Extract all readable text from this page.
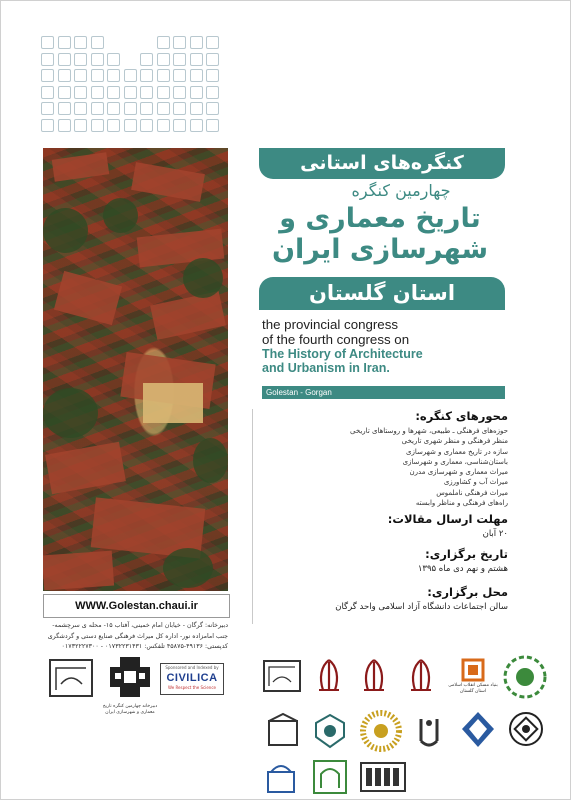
کنگره‌های استانی
چهارمین کنگره
تاریخ معماری و
شهرسازی ایران
استان گلستان
the provincial congress
of the fourth congress on
The History of Architecture
and Urbanism in Iran.
Golestan - Gorgan
محورهای کنگره:
حوزه‌های فرهنگی ـ طبیعی، شهرها و روستاهای تاریخی
منظر فرهنگی و منظر شهری تاریخی
سازه در تاریخ معماری و شهرسازی
باستان‌شناسی، معماری و شهرسازی
میراث معماری و شهرسازی مدرن
میراث آب و کشاورزی
میراث فرهنگی ناملموس
راه‌های فرهنگی و مناظر وابسته
مهلت ارسال مقالات:
۲۰ آبان
تاریخ برگزاری:
هشتم و نهم دی ماه ۱۳۹۵
محل برگزاری:
سالن اجتماعات دانشگاه آزاد اسلامی واحد گرگان
WWW.Golestan.chaui.ir
دبیرخانه: گرگان - خیابان امام خمینی، آفتاب ۱۵- محله ی سرچشمه-
جنب امامزاده نور- اداره کل میراث فرهنگی صنایع دستی و گردشگری
کدپستی: ۴۹۱۳۶-۴۵۸۷۵ تلفکس: ۰۱۷۳۲۲۳۱۴۳۱ - ۰۱۷۳۲۲۲۷۳۰۰
دبیرخانه چهارمین کنگره تاریخ معماری و شهرسازی ایران
Sponsored and Indexed by
CIVILICA
We Respect the Science	بنیاد مسکن انقلاب اسلامی استان گلستان
